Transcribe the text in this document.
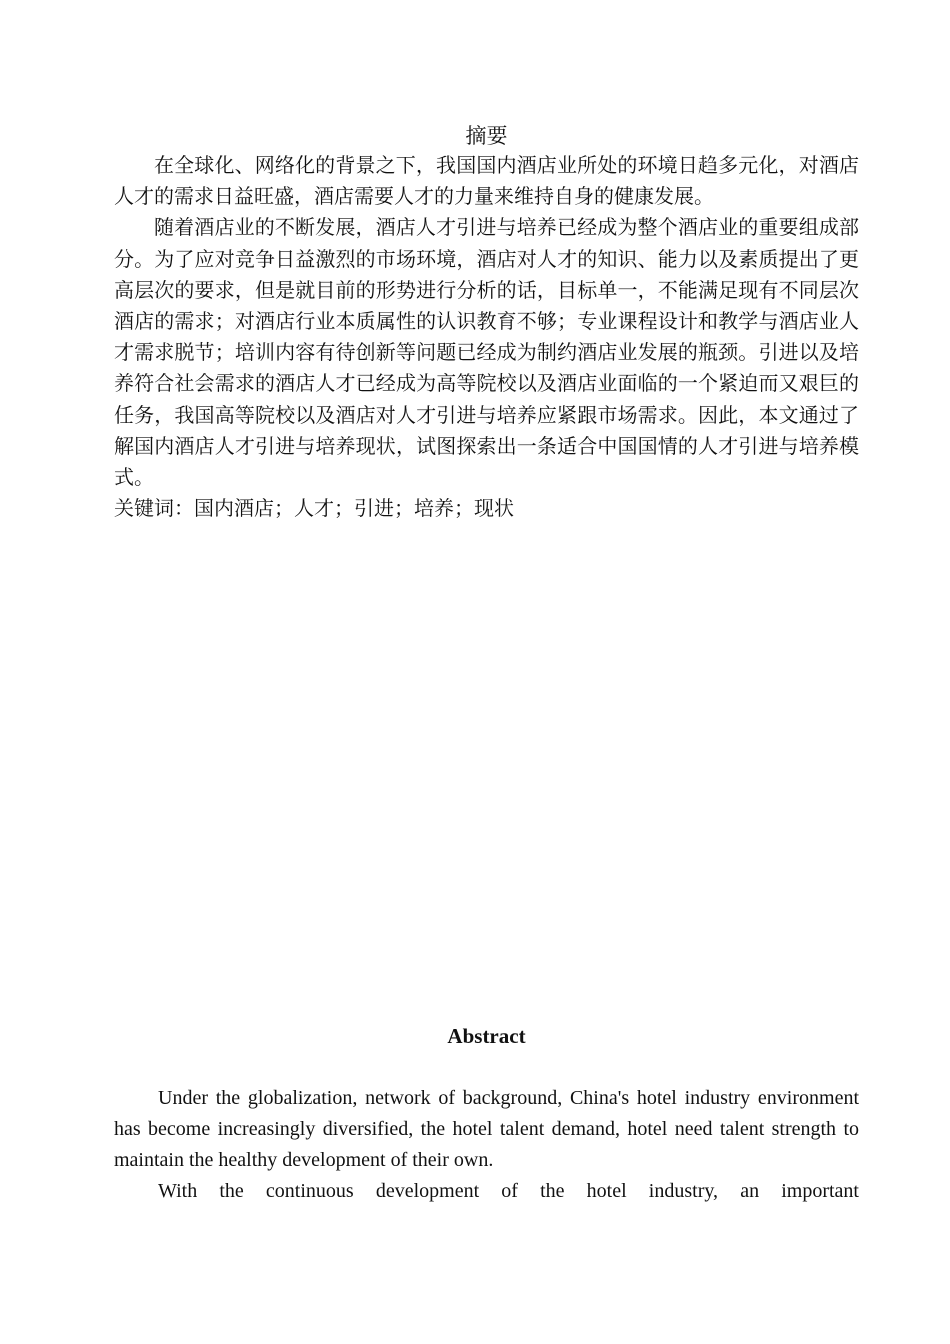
摘要

在全球化、网络化的背景之下，我国国内酒店业所处的环境日趋多元化，对酒店人才的需求日益旺盛，酒店需要人才的力量来维持自身的健康发展。

随着酒店业的不断发展，酒店人才引进与培养已经成为整个酒店业的重要组成部分。为了应对竞争日益激烈的市场环境，酒店对人才的知识、能力以及素质提出了更高层次的要求，但是就目前的形势进行分析的话，目标单一，不能满足现有不同层次酒店的需求；对酒店行业本质属性的认识教育不够；专业课程设计和教学与酒店业人才需求脱节；培训内容有待创新等问题已经成为制约酒店业发展的瓶颈。引进以及培养符合社会需求的酒店人才已经成为高等院校以及酒店业面临的一个紧迫而又艰巨的任务，我国高等院校以及酒店对人才引进与培养应紧跟市场需求。因此，本文通过了解国内酒店人才引进与培养现状，试图探索出一条适合中国国情的人才引进与培养模式。

关键词：国内酒店；人才；引进；培养；现状

Abstract

Under the globalization, network of background, China's hotel industry environment has become increasingly diversified, the hotel talent demand, hotel need talent strength to maintain the healthy development of their own.

With the continuous development of the hotel industry, an important
